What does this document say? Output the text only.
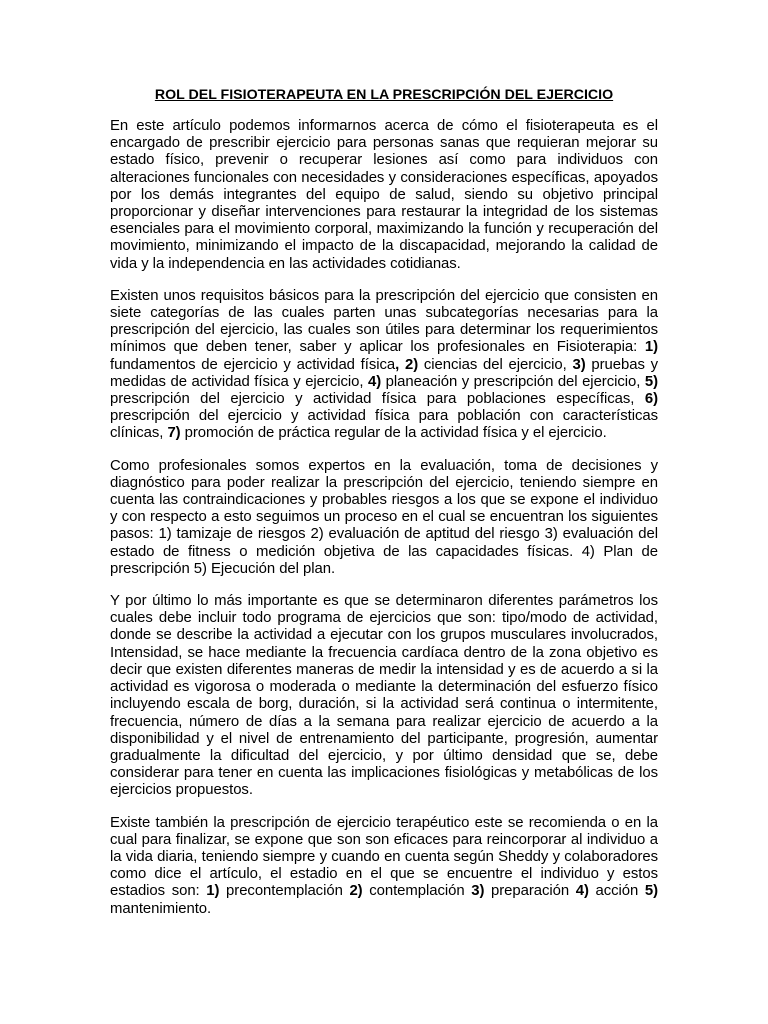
ROL DEL FISIOTERAPEUTA EN LA PRESCRIPCIÓN DEL EJERCICIO

En este artículo podemos informarnos acerca de cómo el fisioterapeuta es el encargado de prescribir ejercicio para personas sanas que requieran mejorar su estado físico, prevenir o recuperar lesiones así como para individuos con alteraciones funcionales con necesidades y consideraciones específicas, apoyados por los demás integrantes del equipo de salud, siendo su objetivo principal proporcionar y diseñar intervenciones para restaurar la integridad de los sistemas esenciales para el movimiento corporal, maximizando la función y recuperación del movimiento, minimizando el impacto de la discapacidad, mejorando la calidad de vida y la independencia en las actividades cotidianas.

Existen unos requisitos básicos para la prescripción del ejercicio que consisten en siete categorías de las cuales parten unas subcategorías necesarias para la prescripción del ejercicio, las cuales son útiles para determinar los requerimientos mínimos que deben tener, saber y aplicar los profesionales en Fisioterapia: 1) fundamentos de ejercicio y actividad física, 2) ciencias del ejercicio, 3) pruebas y medidas de actividad física y ejercicio, 4) planeación y prescripción del ejercicio, 5) prescripción del ejercicio y actividad física para poblaciones específicas, 6) prescripción del ejercicio y actividad física para población con características clínicas, 7) promoción de práctica regular de la actividad física y el ejercicio.

Como profesionales somos expertos en la evaluación, toma de decisiones y diagnóstico para poder realizar la prescripción del ejercicio, teniendo siempre en cuenta las contraindicaciones y probables riesgos a los que se expone el individuo y con respecto a esto seguimos un proceso en el cual se encuentran los siguientes pasos: 1) tamizaje de riesgos 2) evaluación de aptitud del riesgo 3) evaluación del estado de fitness o medición objetiva de las capacidades físicas. 4) Plan de prescripción 5) Ejecución del plan.

Y por último lo más importante es que se determinaron diferentes parámetros los cuales debe incluir todo programa de ejercicios que son: tipo/modo de actividad, donde se describe la actividad a ejecutar con los grupos musculares involucrados, Intensidad, se hace mediante la frecuencia cardíaca dentro de la zona objetivo es decir que existen diferentes maneras de medir la intensidad y es de acuerdo a si la actividad es vigorosa o moderada o mediante la determinación del esfuerzo físico incluyendo escala de borg, duración, si la actividad será continua o intermitente, frecuencia, número de días a la semana para realizar ejercicio de acuerdo a la disponibilidad y el nivel de entrenamiento del participante, progresión, aumentar gradualmente la dificultad del ejercicio, y por último densidad que se, debe considerar para tener en cuenta las implicaciones fisiológicas y metabólicas de los ejercicios propuestos.

Existe también la prescripción de ejercicio terapéutico este se recomienda o en la cual para finalizar, se expone que son son eficaces para reincorporar al individuo a la vida diaria, teniendo siempre y cuando en cuenta según Sheddy y colaboradores como dice el artículo, el estadio en el que se encuentre el individuo y estos estadios son: 1) precontemplación 2) contemplación 3) preparación 4) acción 5) mantenimiento.
